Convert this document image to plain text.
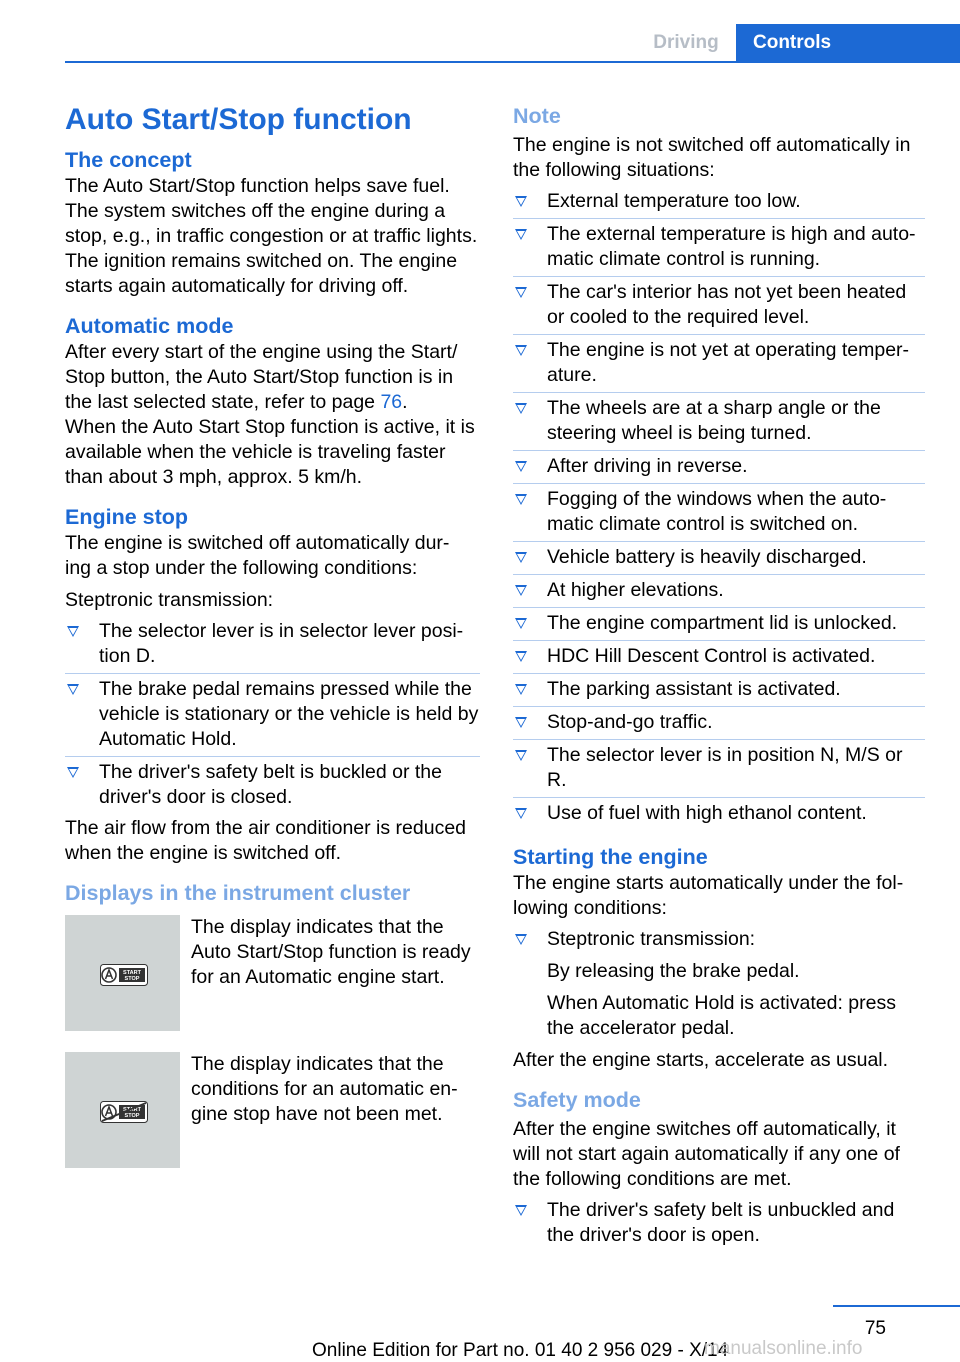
Driving	Controls
Auto Start/Stop function
The concept

The Auto Start/Stop function helps save fuel. The system switches off the engine during a stop, e.g., in traffic congestion or at traffic lights. The ignition remains switched on. The engine starts again automatically for driving off.

Automatic mode

After every start of the engine using the Start/ Stop button, the Auto Start/Stop function is in the last selected state, refer to page 76.

When the Auto Start Stop function is active, it is available when the vehicle is traveling faster than about 3 mph, approx. 5 km/h.

Engine stop

The engine is switched off automatically dur‐ ing a stop under the following conditions:

Steptronic transmission:

The selector lever is in selector lever posi‐ tion D.
The brake pedal remains pressed while the vehicle is stationary or the vehicle is held by Automatic Hold.
The driver's safety belt is buckled or the driver's door is closed.

The air flow from the air conditioner is reduced when the engine is switched off.

Displays in the instrument cluster
START
STOP
The display indicates that the Auto Start/Stop function is ready for an Automatic engine start.
START
STOP
The display indicates that the conditions for an automatic en‐ gine stop have not been met.
Note

The engine is not switched off automatically in the following situations:

External temperature too low.
The external temperature is high and auto‐ matic climate control is running.
The car's interior has not yet been heated or cooled to the required level.
The engine is not yet at operating temper‐ ature.
The wheels are at a sharp angle or the steering wheel is being turned.
After driving in reverse.
Fogging of the windows when the auto‐ matic climate control is switched on.
Vehicle battery is heavily discharged.
At higher elevations.
The engine compartment lid is unlocked.
HDC Hill Descent Control is activated.
The parking assistant is activated.
Stop-and-go traffic.
The selector lever is in position N, M/S or R.
Use of fuel with high ethanol content.
Starting the engine

The engine starts automatically under the fol‐ lowing conditions:

Steptronic transmission:
By releasing the brake pedal.
When Automatic Hold is activated: press the accelerator pedal.

After the engine starts, accelerate as usual.

Safety mode

After the engine switches off automatically, it will not start again automatically if any one of the following conditions are met.

The driver's safety belt is unbuckled and the driver's door is open.
75
Online Edition for Part no. 01 40 2 956 029 - X/14
manualsonline.info
